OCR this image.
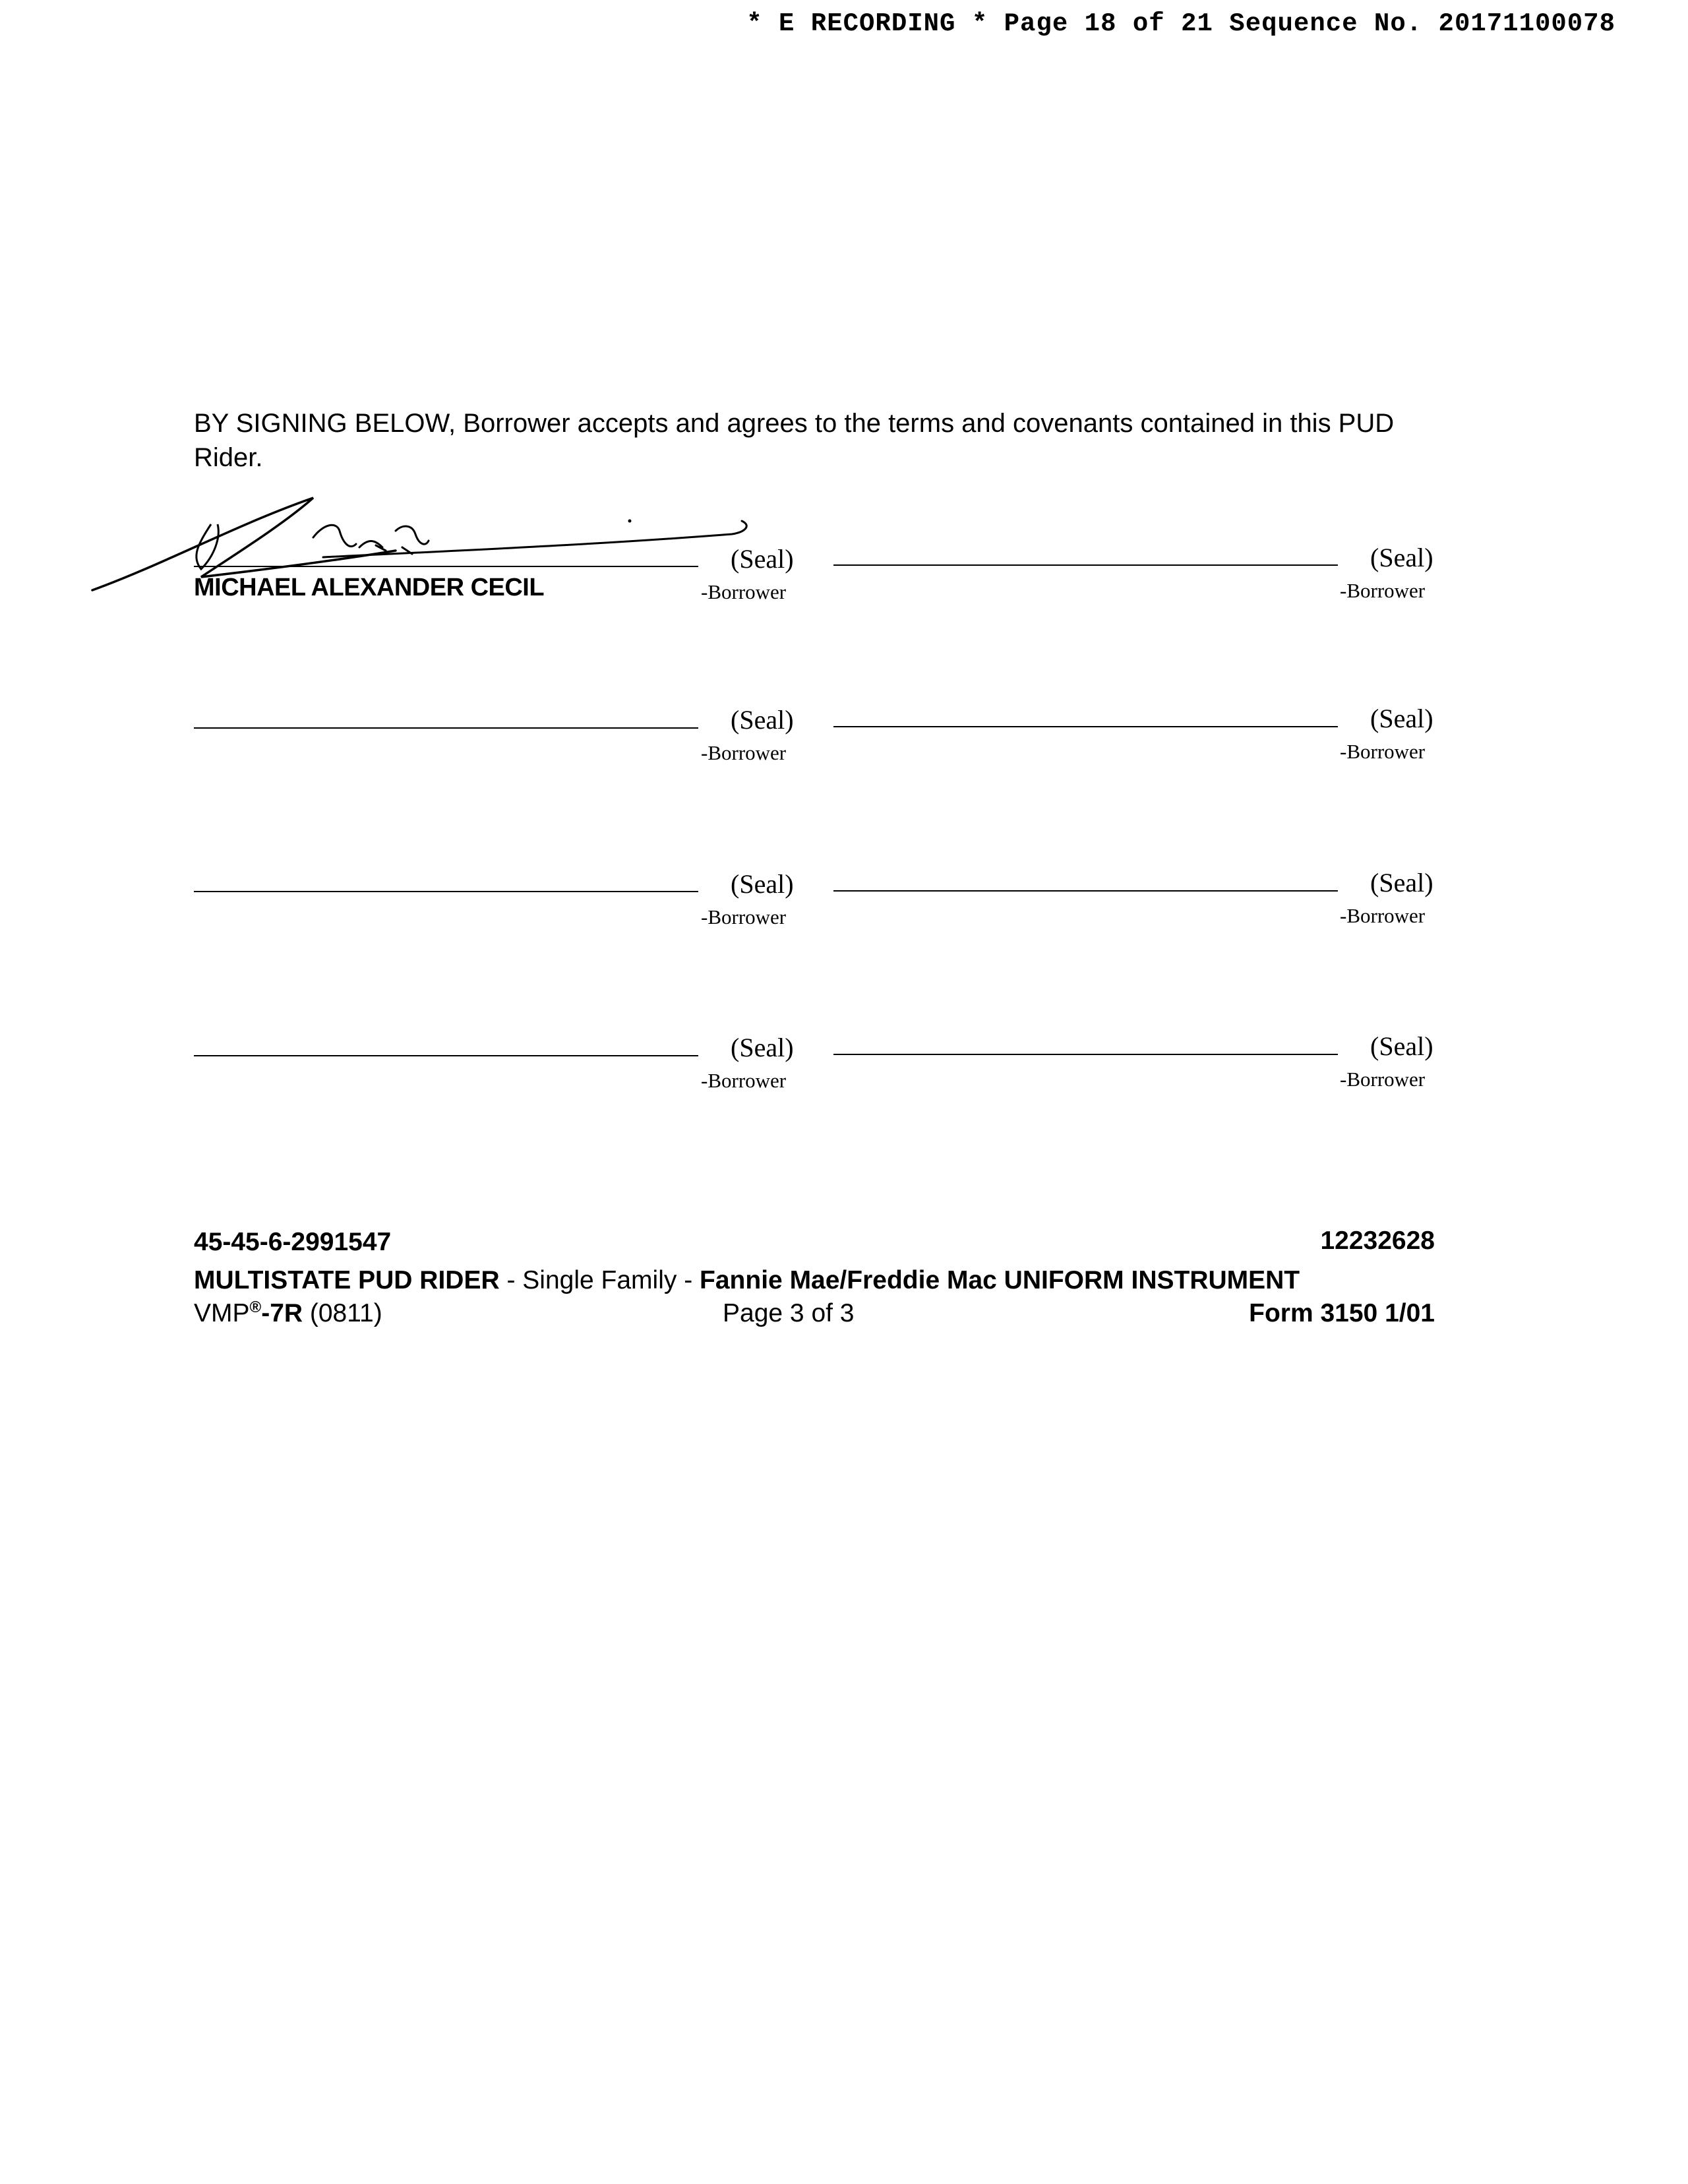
* E RECORDING * Page 18 of 21 Sequence No. 20171100078
BY SIGNING BELOW, Borrower accepts and agrees to the terms and covenants contained in this PUD Rider.
(Seal)
-Borrower
MICHAEL ALEXANDER CECIL
(Seal)
-Borrower
(Seal)
-Borrower
(Seal)
-Borrower
(Seal)
-Borrower
(Seal)
-Borrower
(Seal)
-Borrower
(Seal)
-Borrower
45-45-6-2991547	12232628
MULTISTATE PUD RIDER - Single Family - Fannie Mae/Freddie Mac UNIFORM INSTRUMENT
VMP®-7R (0811)	Page 3 of 3	Form 3150 1/01
